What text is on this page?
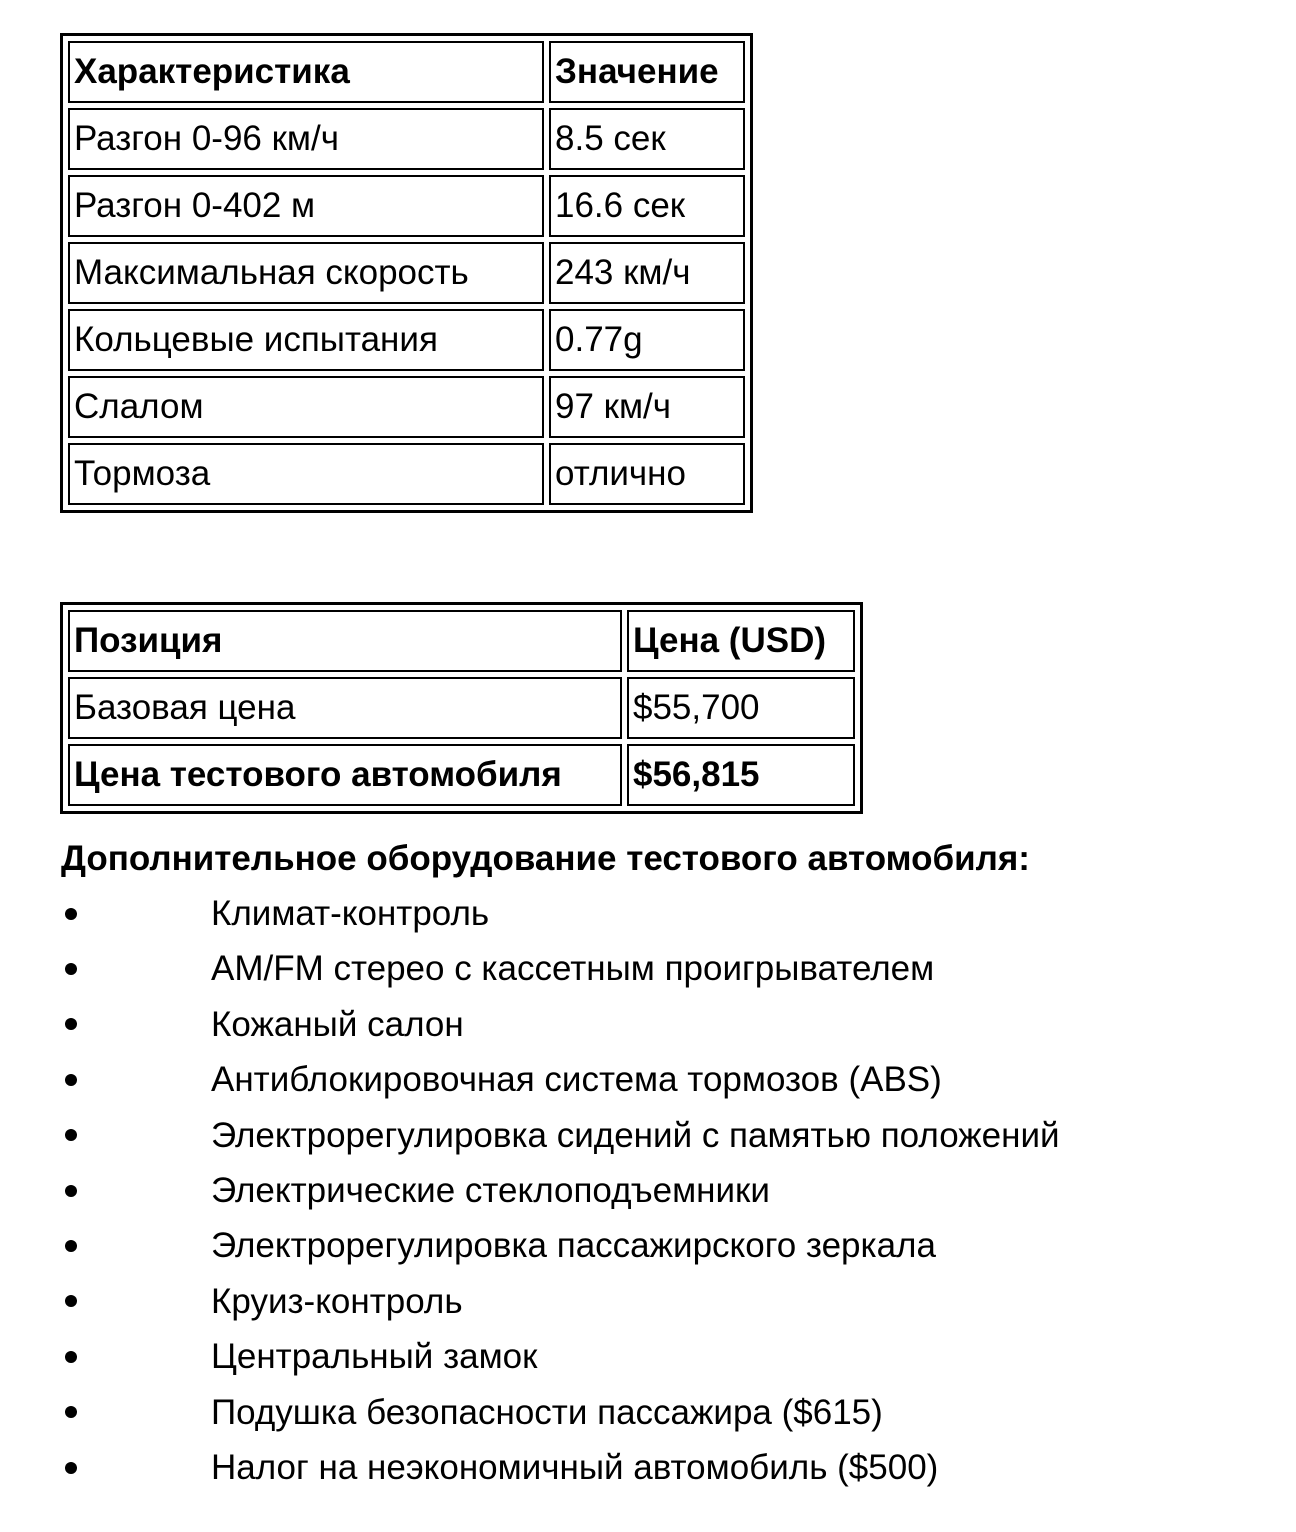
Характеристика	Значение
Разгон 0-96 км/ч	8.5 сек
Разгон 0-402 м	16.6 сек
Максимальная скорость	243 км/ч
Кольцевые испытания	0.77g
Слалом	97 км/ч
Тормоза	отлично
Позиция	Цена (USD)
Базовая цена	$55,700
Цена тестового автомобиля	$56,815

Дополнительное оборудование тестового автомобиля:

Климат-контроль
AM/FM стерео с кассетным проигрывателем
Кожаный салон
Антиблокировочная система тормозов (ABS)
Электрорегулировка сидений с памятью положений
Электрические стеклоподъемники
Электрорегулировка пассажирского зеркала
Круиз-контроль
Центральный замок
Подушка безопасности пассажира ($615)
Налог на неэкономичный автомобиль ($500)
